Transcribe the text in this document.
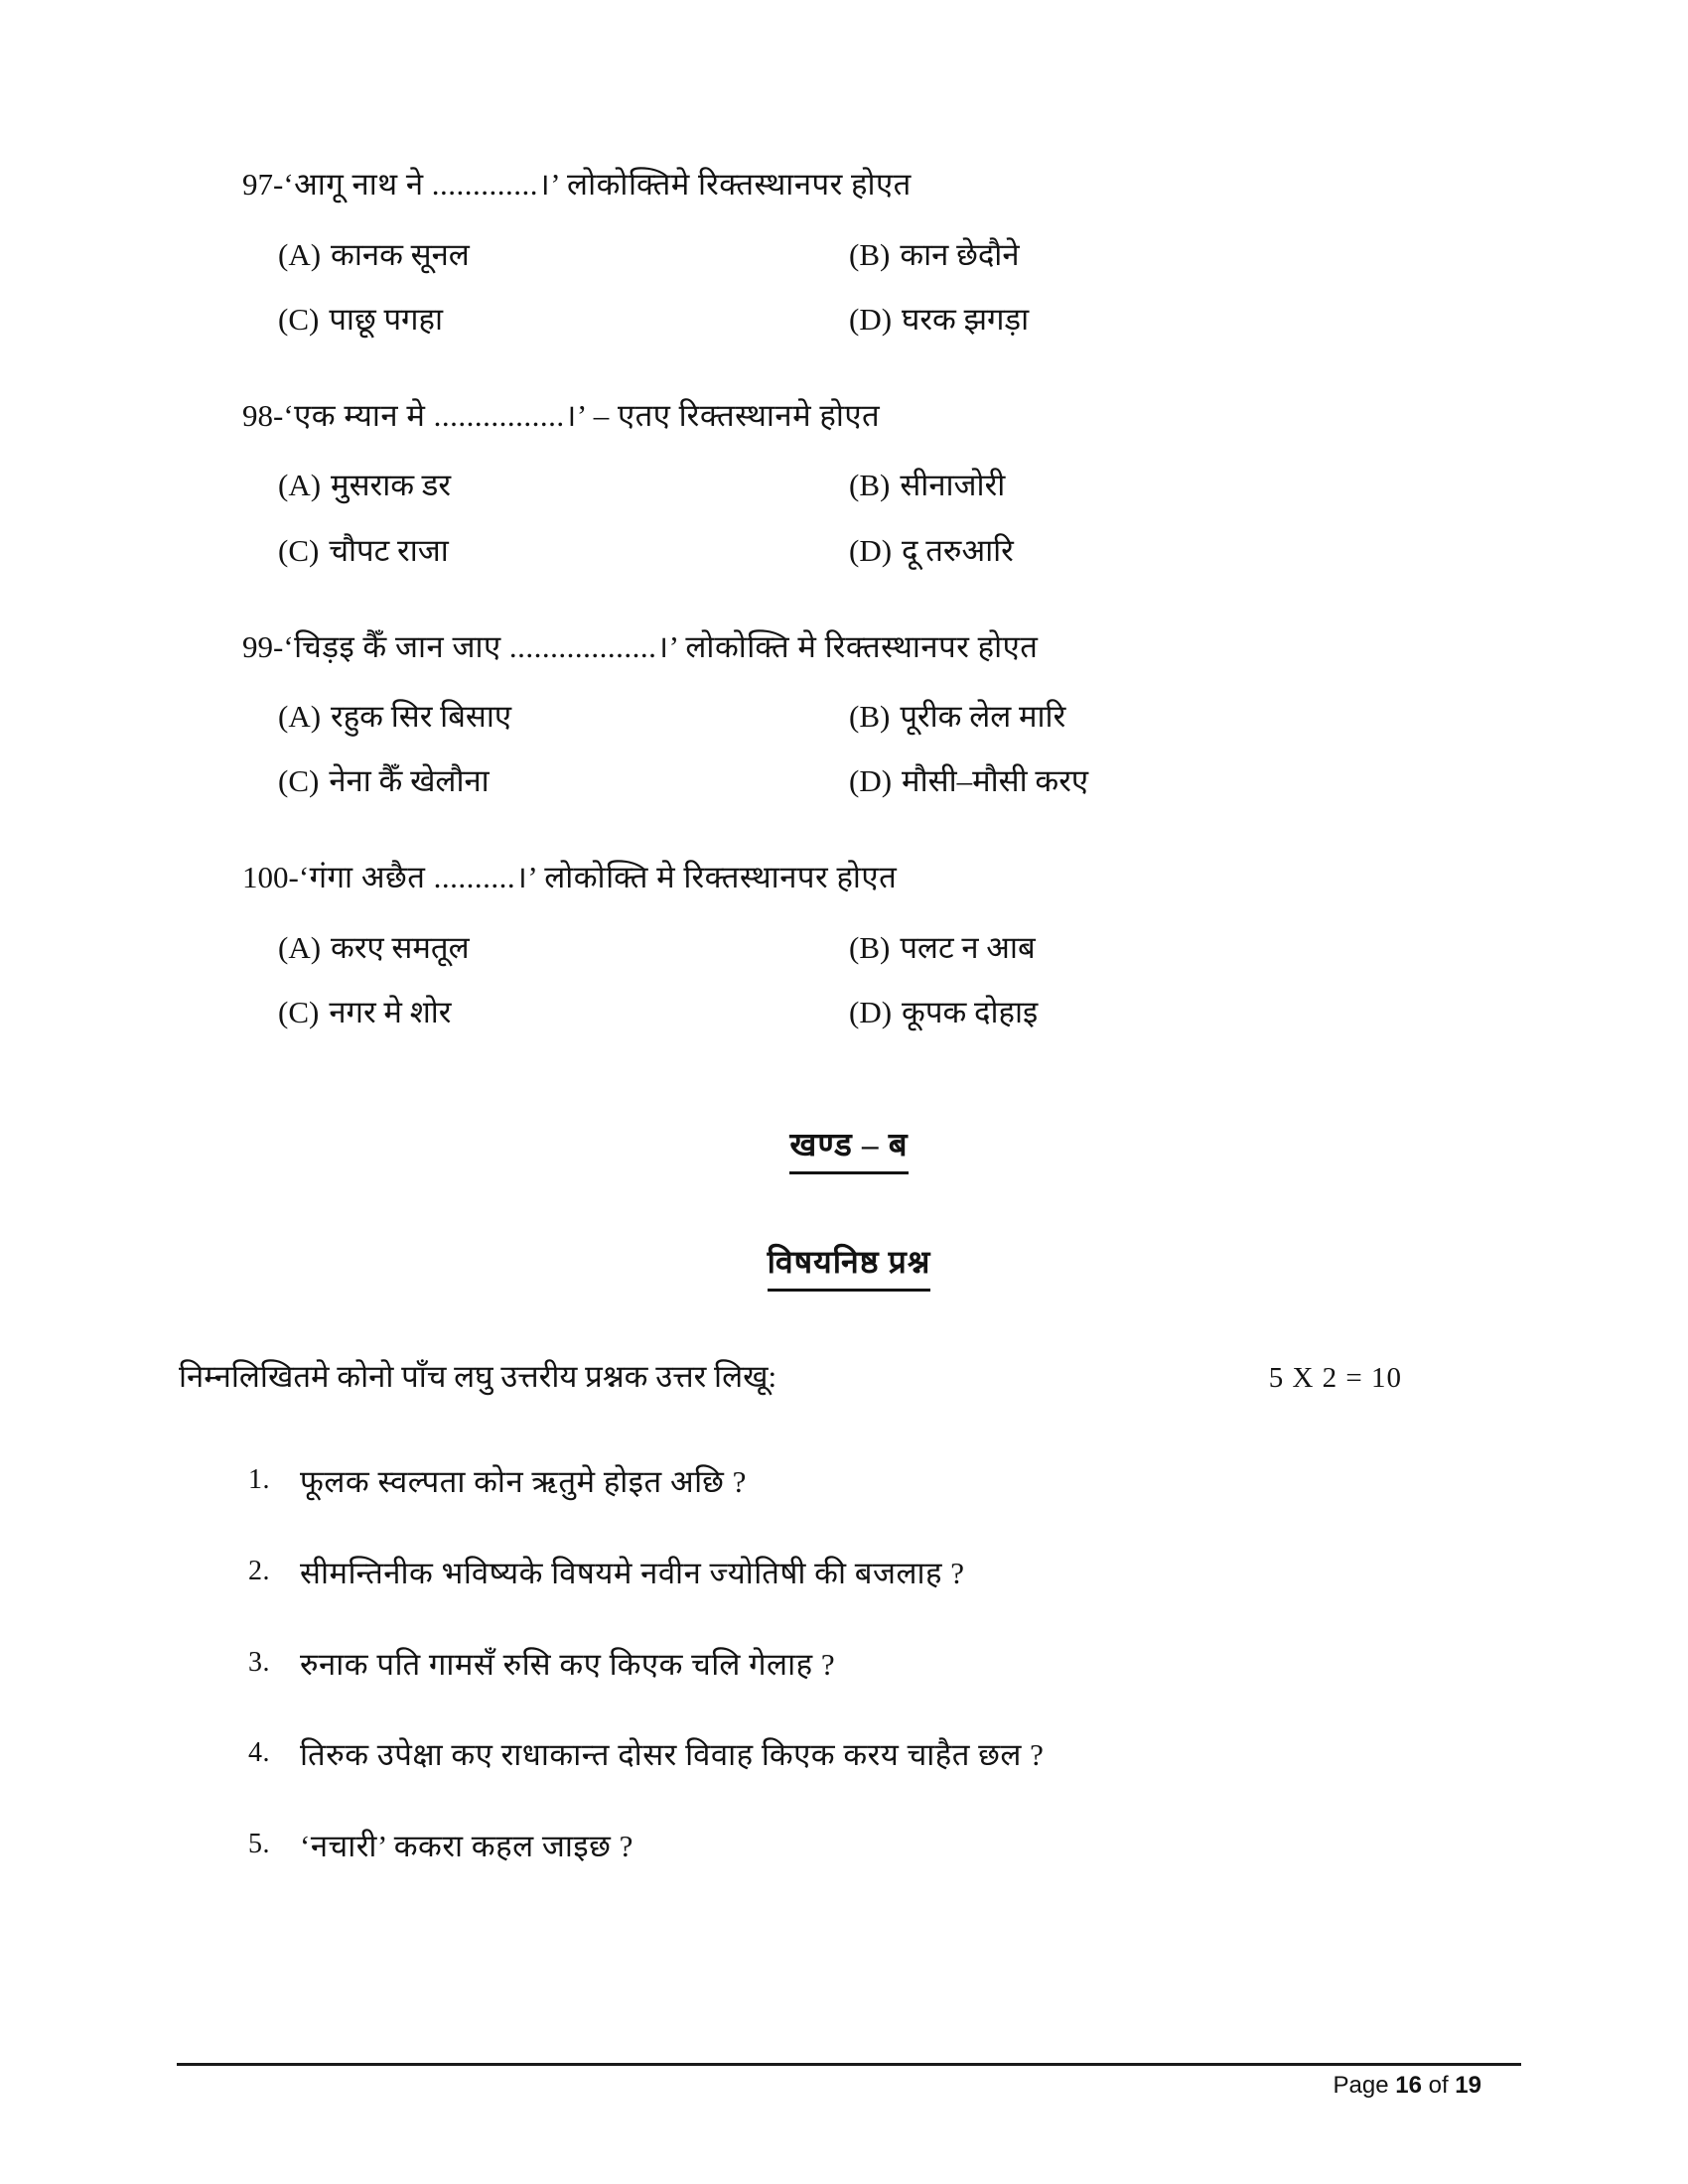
97-‘आगू नाथ ने .............।’ लोकोक्तिमे रिक्तस्थानपर होएत
(A) कानक सूनल	(B) कान छेदौने
(C) पाछू पगहा	(D) घरक झगड़ा
98-‘एक म्यान मे ................।’ – एतए रिक्तस्थानमे होएत
(A) मुसराक डर	(B) सीनाजोरी
(C) चौपट राजा	(D) दू तरुआरि
99-‘चिड़इ कैँ जान जाए ..................।’ लोकोक्ति मे रिक्तस्थानपर होएत
(A) रहुक सिर बिसाए	(B) पूरीक लेल मारि
(C) नेना कैँ खेलौना	(D) मौसी–मौसी करए
100-‘गंगा अछैत ..........।’ लोकोक्ति मे रिक्तस्थानपर होएत
(A) करए समतूल	(B) पलट न आब
(C) नगर मे शोर	(D) कूपक दोहाइ
खण्ड – ब
विषयनिष्ठ प्रश्न
निम्नलिखितमे कोनो पाँच लघु उत्तरीय प्रश्नक उत्तर लिखू:	5 X 2 = 10
1. फूलक स्वल्पता कोन ऋतुमे होइत अछि ?
2. सीमन्तिनीक भविष्यके विषयमे नवीन ज्योतिषी की बजलाह ?
3. रुनाक पति गामसँ रुसि कए किएक चलि गेलाह ?
4. तिरुक उपेक्षा कए राधाकान्त दोसर विवाह किएक करय चाहैत छल ?
5. ‘नचारी’ ककरा कहल जाइछ ?
Page 16 of 19
